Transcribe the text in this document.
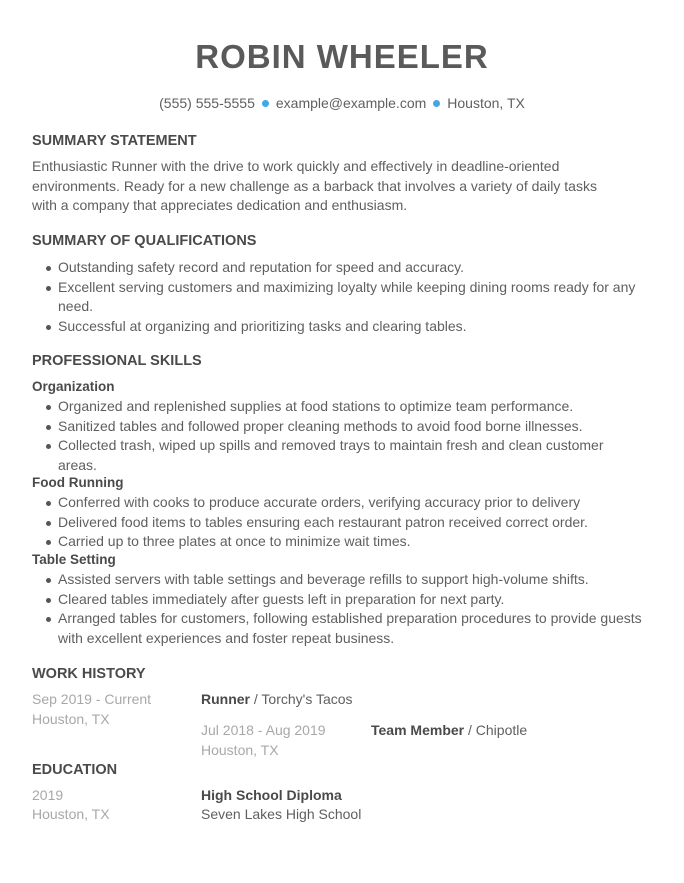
ROBIN WHEELER
(555) 555-5555 example@example.com Houston, TX
SUMMARY STATEMENT
Enthusiastic Runner with the drive to work quickly and effectively in deadline-oriented environments. Ready for a new challenge as a barback that involves a variety of daily tasks with a company that appreciates dedication and enthusiasm.
SUMMARY OF QUALIFICATIONS
Outstanding safety record and reputation for speed and accuracy.
Excellent serving customers and maximizing loyalty while keeping dining rooms ready for any need.
Successful at organizing and prioritizing tasks and clearing tables.
PROFESSIONAL SKILLS
Organization
Organized and replenished supplies at food stations to optimize team performance.
Sanitized tables and followed proper cleaning methods to avoid food borne illnesses.
Collected trash, wiped up spills and removed trays to maintain fresh and clean customer areas.
Food Running
Conferred with cooks to produce accurate orders, verifying accuracy prior to delivery
Delivered food items to tables ensuring each restaurant patron received correct order.
Carried up to three plates at once to minimize wait times.
Table Setting
Assisted servers with table settings and beverage refills to support high-volume shifts.
Cleared tables immediately after guests left in preparation for next party.
Arranged tables for customers, following established preparation procedures to provide guests with excellent experiences and foster repeat business.
WORK HISTORY
Sep 2019 - Current
Houston, TX
Runner / Torchy's Tacos
Jul 2018 - Aug 2019
Houston, TX
Team Member / Chipotle
EDUCATION
2019
Houston, TX
High School Diploma
Seven Lakes High School
